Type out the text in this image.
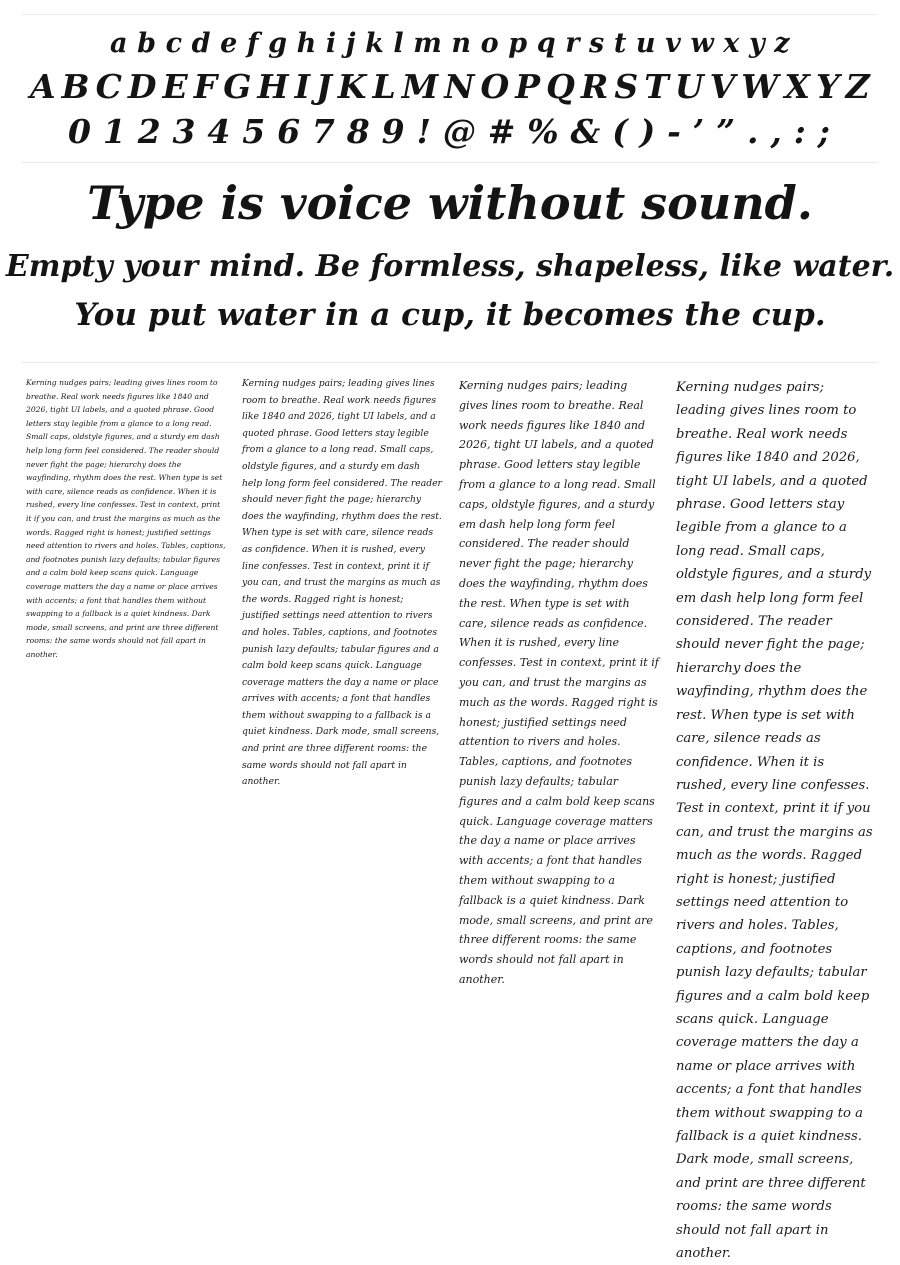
a b c d e f g h i j k l m n o p q r s t u v w x y z
A B C D E F G H I J K L M N O P Q R S T U V W X Y Z
0 1 2 3 4 5 6 7 8 9 ! @ # % & ( ) - ’ ” . , : ;
Type is voice without sound.
Empty your mind. Be formless, shapeless, like water.
You put water in a cup, it becomes the cup.

Kerning nudges pairs; leading gives lines room to breathe. Real work needs figures like 1840 and 2026, tight UI labels, and a quoted phrase. Good letters stay legible from a glance to a long read. Small caps, oldstyle figures, and a sturdy em dash help long form feel considered. The reader should never fight the page; hierarchy does the wayfinding, rhythm does the rest. When type is set with care, silence reads as confidence. When it is rushed, every line confesses. Test in context, print it if you can, and trust the margins as much as the words. Ragged right is honest; justified settings need attention to rivers and holes. Tables, captions, and footnotes punish lazy defaults; tabular figures and a calm bold keep scans quick. Language coverage matters the day a name or place arrives with accents; a font that handles them without swapping to a fallback is a quiet kindness. Dark mode, small screens, and print are three different rooms: the same words should not fall apart in another.

Kerning nudges pairs; leading gives lines room to breathe. Real work needs figures like 1840 and 2026, tight UI labels, and a quoted phrase. Good letters stay legible from a glance to a long read. Small caps, oldstyle figures, and a sturdy em dash help long form feel considered. The reader should never fight the page; hierarchy does the wayfinding, rhythm does the rest. When type is set with care, silence reads as confidence. When it is rushed, every line confesses. Test in context, print it if you can, and trust the margins as much as the words. Ragged right is honest; justified settings need attention to rivers and holes. Tables, captions, and footnotes punish lazy defaults; tabular figures and a calm bold keep scans quick. Language coverage matters the day a name or place arrives with accents; a font that handles them without swapping to a fallback is a quiet kindness. Dark mode, small screens, and print are three different rooms: the same words should not fall apart in another.

Kerning nudges pairs; leading gives lines room to breathe. Real work needs figures like 1840 and 2026, tight UI labels, and a quoted phrase. Good letters stay legible from a glance to a long read. Small caps, oldstyle figures, and a sturdy em dash help long form feel considered. The reader should never fight the page; hierarchy does the wayfinding, rhythm does the rest. When type is set with care, silence reads as confidence. When it is rushed, every line confesses. Test in context, print it if you can, and trust the margins as much as the words. Ragged right is honest; justified settings need attention to rivers and holes. Tables, captions, and footnotes punish lazy defaults; tabular figures and a calm bold keep scans quick. Language coverage matters the day a name or place arrives with accents; a font that handles them without swapping to a fallback is a quiet kindness. Dark mode, small screens, and print are three different rooms: the same words should not fall apart in another.

Kerning nudges pairs; leading gives lines room to breathe. Real work needs figures like 1840 and 2026, tight UI labels, and a quoted phrase. Good letters stay legible from a glance to a long read. Small caps, oldstyle figures, and a sturdy em dash help long form feel considered. The reader should never fight the page; hierarchy does the wayfinding, rhythm does the rest. When type is set with care, silence reads as confidence. When it is rushed, every line confesses. Test in context, print it if you can, and trust the margins as much as the words. Ragged right is honest; justified settings need attention to rivers and holes. Tables, captions, and footnotes punish lazy defaults; tabular figures and a calm bold keep scans quick. Language coverage matters the day a name or place arrives with accents; a font that handles them without swapping to a fallback is a quiet kindness. Dark mode, small screens, and print are three different rooms: the same words should not fall apart in another.
